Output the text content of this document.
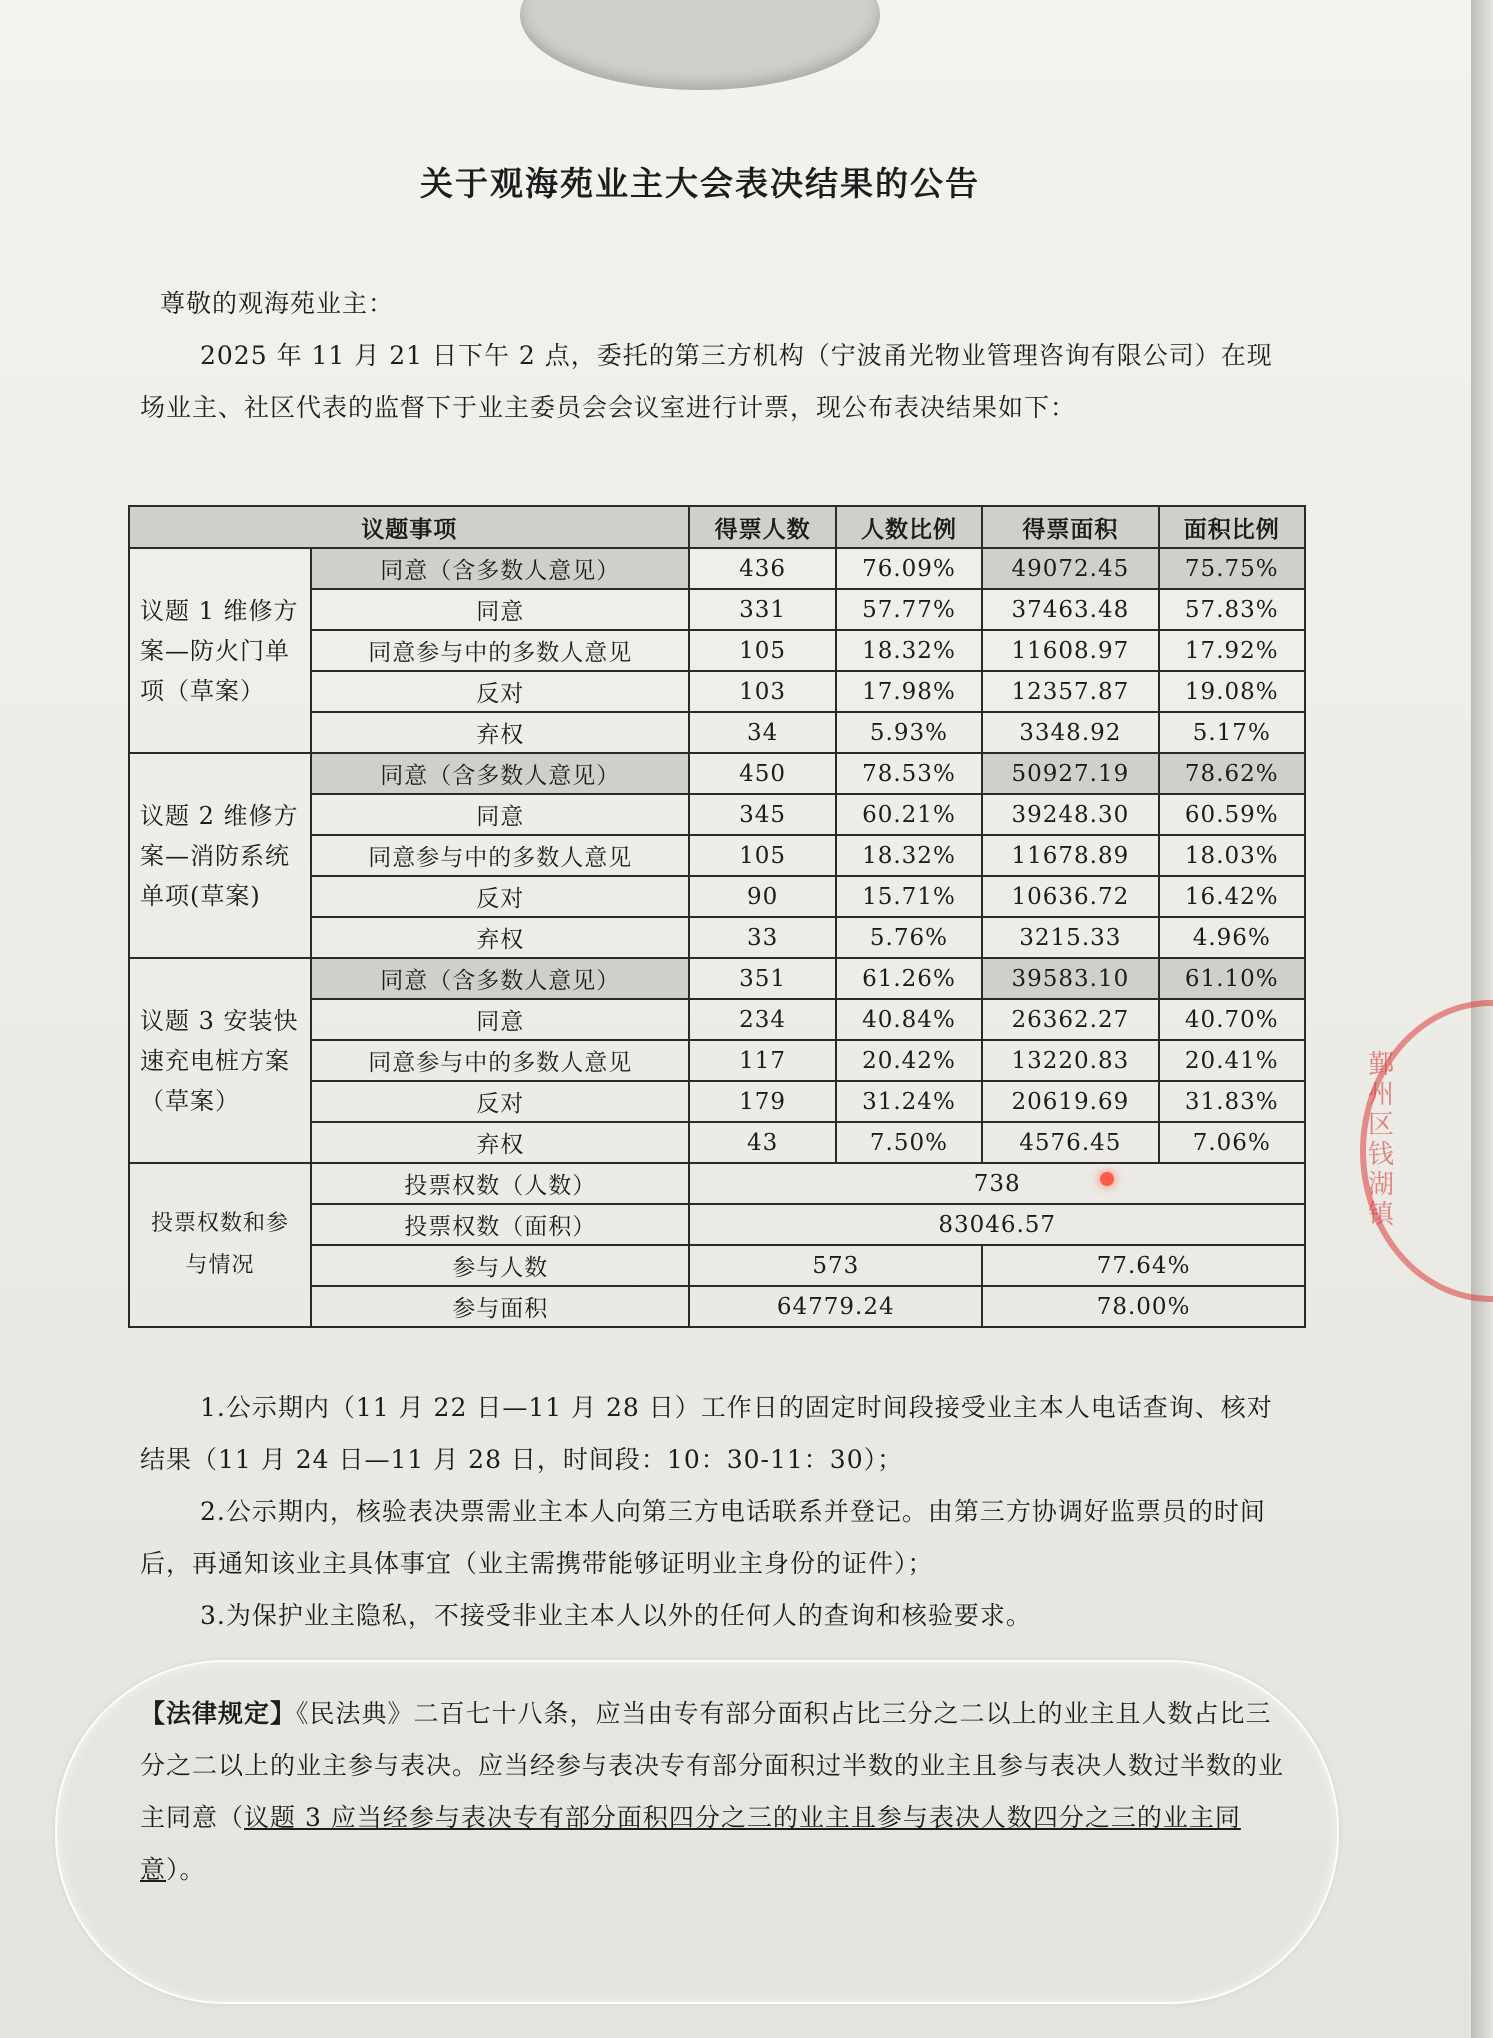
关于观海苑业主大会表决结果的公告
尊敬的观海苑业主：
2025 年 11 月 21 日下午 2 点，委托的第三方机构（宁波甬光物业管理咨询有限公司）在现场业主、社区代表的监督下于业主委员会会议室进行计票，现公布表决结果如下：
议题事项		得票人数	人数比例	得票面积	面积比例
议题 1 维修方案—防火门单项（草案）	同意（含多数人意见）	436	76.09%	49072.45	75.75%
	同意	331	57.77%	37463.48	57.83%
	同意参与中的多数人意见	105	18.32%	11608.97	17.92%
	反对	103	17.98%	12357.87	19.08%
	弃权	34	5.93%	3348.92	5.17%
议题 2 维修方案—消防系统单项(草案)	同意（含多数人意见）	450	78.53%	50927.19	78.62%
	同意	345	60.21%	39248.30	60.59%
	同意参与中的多数人意见	105	18.32%	11678.89	18.03%
	反对	90	15.71%	10636.72	16.42%
	弃权	33	5.76%	3215.33	4.96%
议题 3 安装快速充电桩方案（草案）	同意（含多数人意见）	351	61.26%	39583.10	61.10%
	同意	234	40.84%	26362.27	40.70%
	同意参与中的多数人意见	117	20.42%	13220.83	20.41%
	反对	179	31.24%	20619.69	31.83%
	弃权	43	7.50%	4576.45	7.06%
投票权数和参与情况	投票权数（人数）	738			
	投票权数（面积）	83046.57			
	参与人数	573		77.64%	
	参与面积	64779.24		78.00%	
1.公示期内（11 月 22 日—11 月 28 日）工作日的固定时间段接受业主本人电话查询、核对结果（11 月 24 日—11 月 28 日，时间段：10：30-11：30）；
2.公示期内，核验表决票需业主本人向第三方电话联系并登记。由第三方协调好监票员的时间后，再通知该业主具体事宜（业主需携带能够证明业主身份的证件）；
3.为保护业主隐私，不接受非业主本人以外的任何人的查询和核验要求。
【法律规定】《民法典》二百七十八条，应当由专有部分面积占比三分之二以上的业主且人数占比三分之二以上的业主参与表决。应当经参与表决专有部分面积过半数的业主且参与表决人数过半数的业主同意（议题 3 应当经参与表决专有部分面积四分之三的业主且参与表决人数四分之三的业主同意）。
鄞州区钱湖镇
